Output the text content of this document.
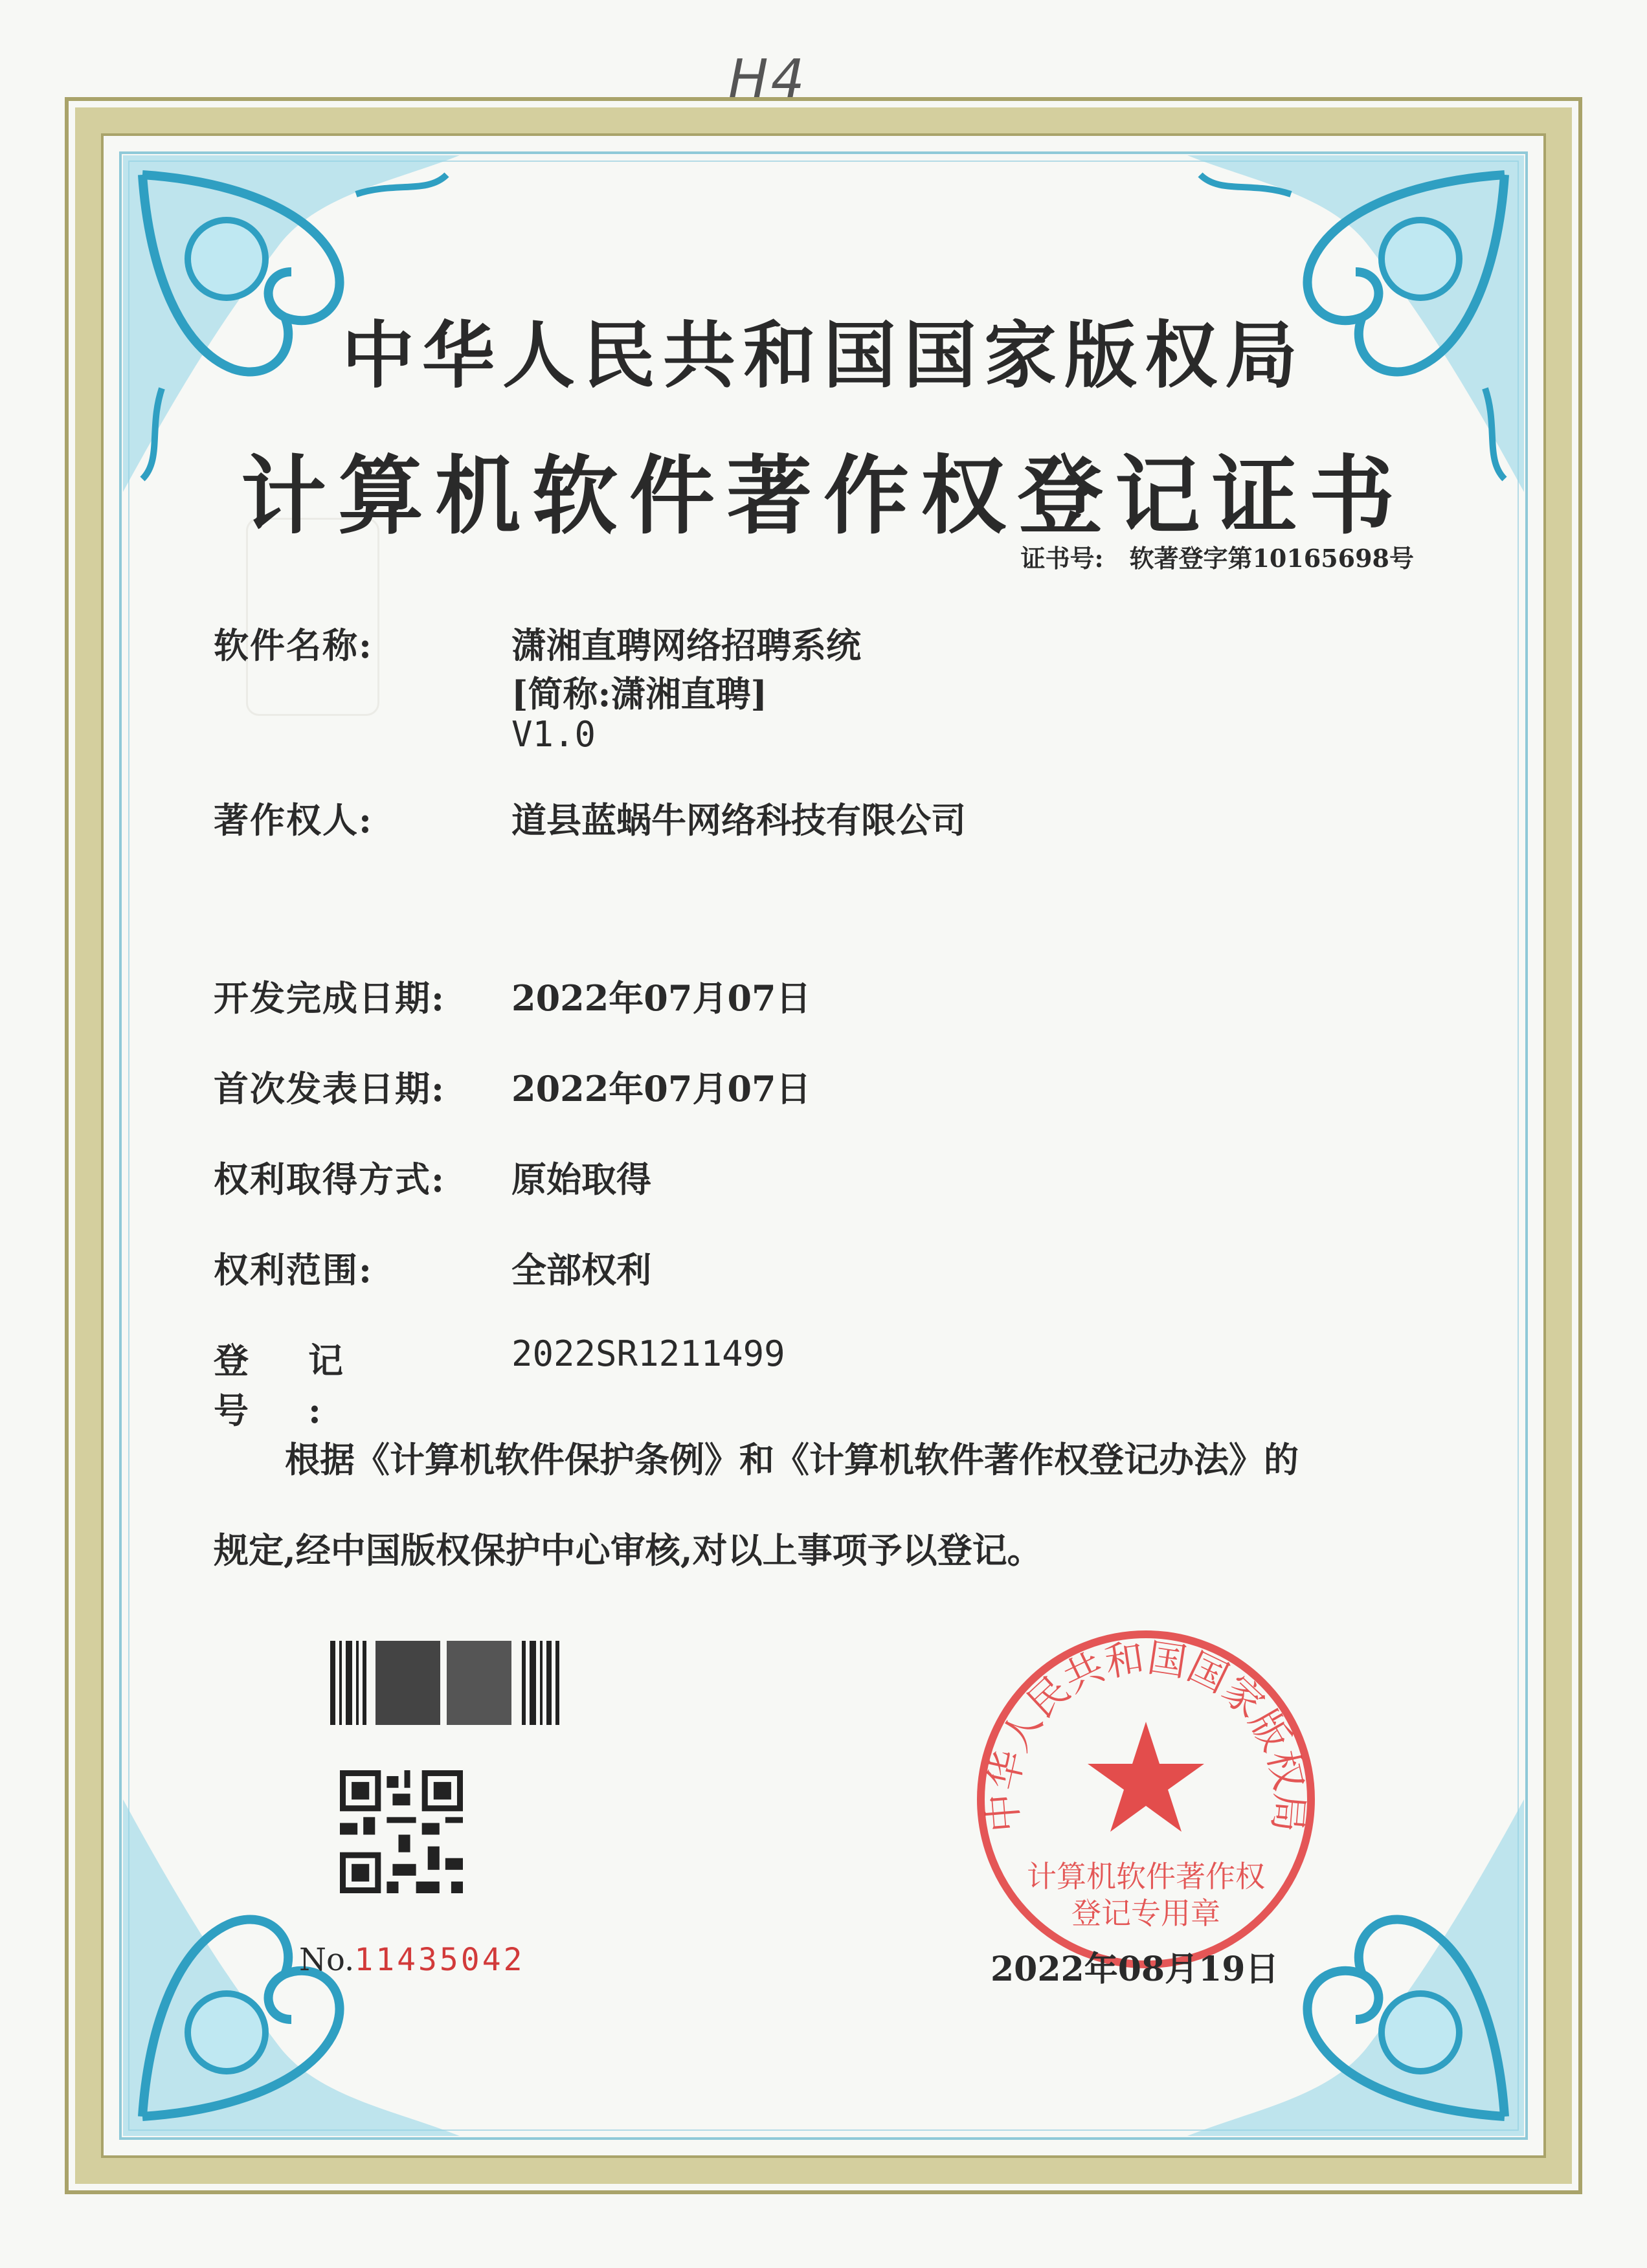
H4
中华人民共和国国家版权局
计算机软件著作权登记证书
证书号: 软著登字第10165698号
软件名称:	潇湘直聘网络招聘系统
[简称:潇湘直聘]
V1.0
著作权人:	道县蓝蜗牛网络科技有限公司
开发完成日期:	2022年07月07日
首次发表日期:	2022年07月07日
权利取得方式:	原始取得
权利范围:	全部权利
登记号:
2022SR1211499
根据《计算机软件保护条例》和《计算机软件著作权登记办法》的
规定,经中国版权保护中心审核,对以上事项予以登记。
No.11435042
中华人民共和国国家版权局
计算机软件著作权
登记专用章
2022年08月19日
